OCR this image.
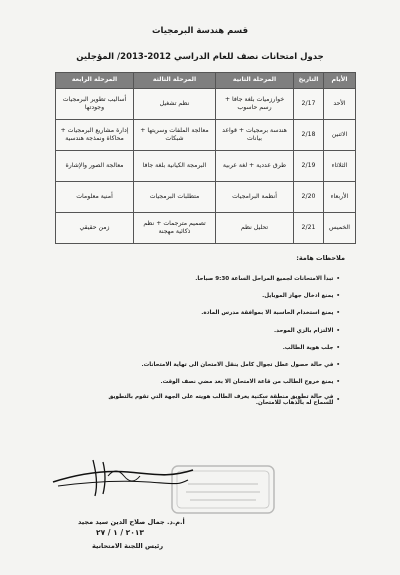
قسم هندسة البرمجيات
جدول امتحانات نصف للعام الدراسي 2012-2013/ المؤجلين
الأيام	التاريخ	المرحلة الثانية	المرحلة الثالثة	المرحلة الرابعة
الأحد	2/17	خوارزميات بلغة جافا + رسم حاسوب	نظم تشغيل	أساليب تطوير البرمجيات وجودتها
الاثنين	2/18	هندسة برمجيات + قواعد بيانات	معالجة الملفات وسريتها + شبكات	إدارة مشاريع البرمجيات + محاكاة ونمذجة هندسية
الثلاثاء	2/19	طرق عددية + لغة عربية	البرمجة الكيانية بلغة جافا	معالجة الصور والإشارة
الأربعاء	2/20	أنظمة البرامجيات	متطلبات البرمجيات	أمنية معلومات
الخميس	2/21	تحليل نظم	تصميم مترجمات + نظم ذكائية مهجنة	زمن حقيقي
ملاحظات هامة:
•
تبدأ الامتحانات لجميع المراحل الساعة 9:30 صباحا.
•
يمنع ادخال جهاز الموبايل.
•
يمنع استخدام الحاسبة الا بموافقة مدرس المادة.
•
الالتزام بالزي الموحد.
•
جلب هوية الطالب.
•
في حالة حصول عطل تجوال كامل ينقل الامتحان الى تهاية الامتحانات.
•
يمنع خروج الطالب من قاعة الامتحان الا بعد مضي نصف الوقت.
•
في حالة تطويق منطقة سكنية يعرف الطالب هويته على الجهة التي تقوم بالتطويق للسماح له بالذهاب للامتحان.
أ.م.د. جمال صلاح الدين سيد مجيد
٢٠١٣ / ١ / ٢٧
رئيس اللجنة الامتحانية
